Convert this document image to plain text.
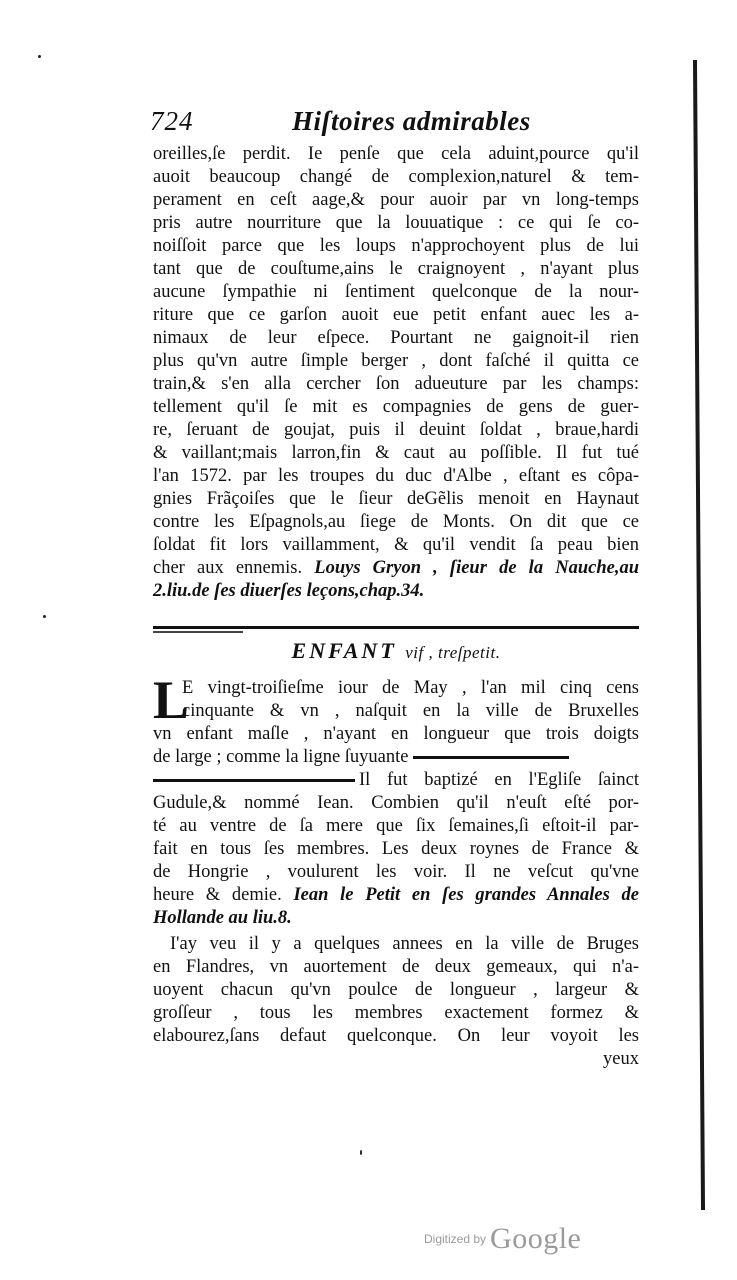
724	Hiſtoires admirables
oreilles,ſe perdit. Ie penſe que cela aduint,pource qu'il
auoit beaucoup changé de complexion,naturel & tem-
perament en ceſt aage,& pour auoir par vn long-temps
pris autre nourriture que la louuatique : ce qui ſe co-
noiſſoit parce que les loups n'approchoyent plus de lui
tant que de couſtume,ains le craignoyent , n'ayant plus
aucune ſympathie ni ſentiment quelconque de la nour-
riture que ce garſon auoit eue petit enfant auec les a-
nimaux de leur eſpece. Pourtant ne gaignoit-il rien
plus qu'vn autre ſimple berger , dont faſché il quitta ce
train,& s'en alla cercher ſon adueuture par les champs:
tellement qu'il ſe mit es compagnies de gens de guer-
re, ſeruant de goujat, puis il deuint ſoldat , braue,hardi
& vaillant;mais larron,fin & caut au poſſible. Il fut tué
l'an 1572. par les troupes du duc d'Albe , eſtant es côpa-
gnies Frãçoiſes que le ſieur deGẽlis menoit en Haynaut
contre les Eſpagnols,au ſiege de Monts. On dit que ce
ſoldat fit lors vaillamment, & qu'il vendit ſa peau bien
cher aux ennemis. Louys Gryon , ſieur de la Nauche,au
2.liu.de ſes diuerſes leçons,chap.34.
ENFANT vif , treſpetit.
L
E vingt-troiſieſme iour de May , l'an mil cinq cens
cinquante & vn , naſquit en la ville de Bruxelles
vn enfant maſle , n'ayant en longueur que trois doigts
de large ; comme la ligne ſuyuante
Il fut baptizé en l'Egliſe ſainct
Gudule,& nommé Iean. Combien qu'il n'euſt eſté por-
té au ventre de ſa mere que ſix ſemaines,ſi eſtoit-il par-
fait en tous ſes membres. Les deux roynes de France &
de Hongrie , voulurent les voir. Il ne veſcut qu'vne
heure & demie. Iean le Petit en ſes grandes Annales de
Hollande au liu.8.
I'ay veu il y a quelques annees en la ville de Bruges
en Flandres, vn auortement de deux gemeaux, qui n'a-
uoyent chacun qu'vn poulce de longueur , largeur &
groſſeur , tous les membres exactement formez &
elabourez,ſans defaut quelconque. On leur voyoit les
yeux
Digitized by Google
